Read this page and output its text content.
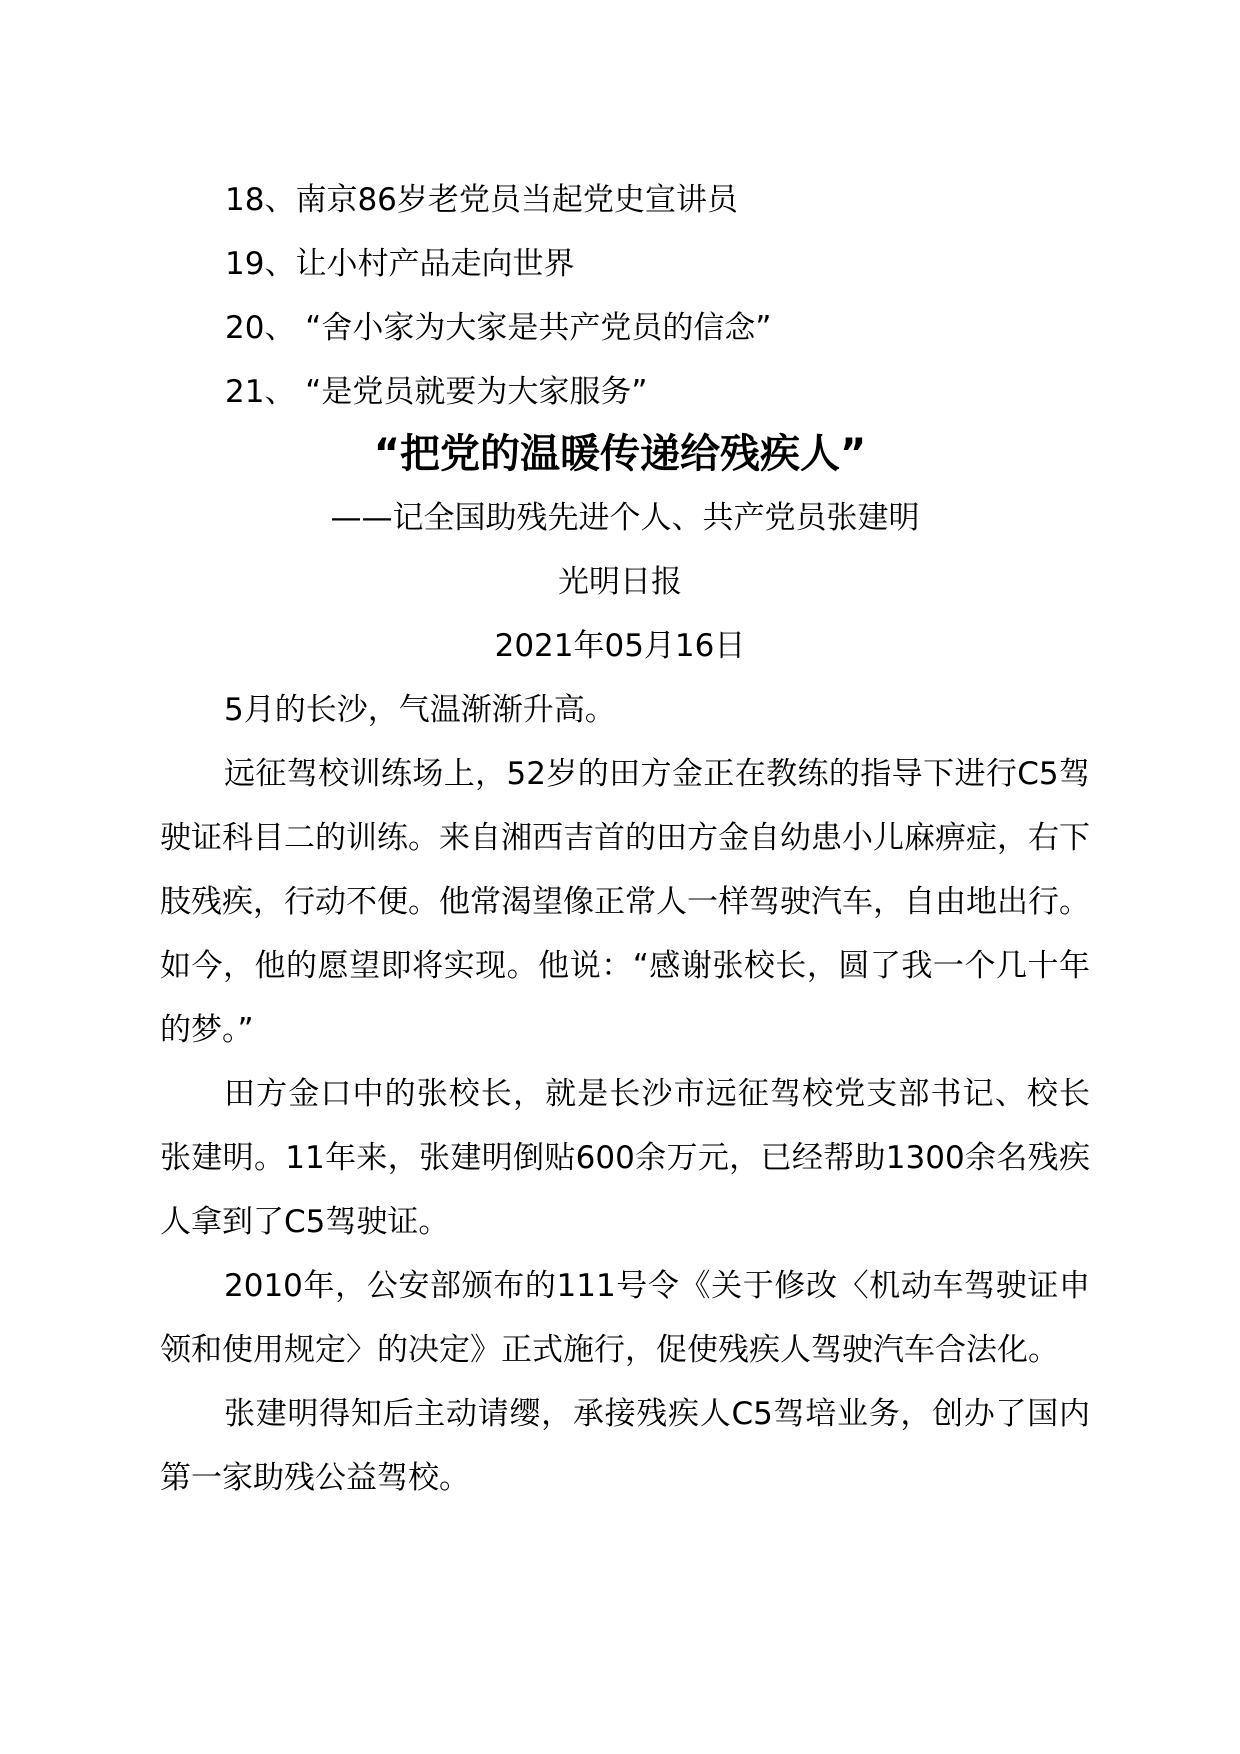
18、南京86岁老党员当起党史宣讲员
19、让小村产品走向世界
20、 “舍小家为大家是共产党员的信念”
21、 “是党员就要为大家服务”
“把党的温暖传递给残疾人”
——记全国助残先进个人、共产党员张建明
光明日报
2021年05月16日

5月的长沙，气温渐渐升高。

远征驾校训练场上，52岁的田方金正在教练的指导下进行C5驾驶证科目二的训练。来自湘西吉首的田方金自幼患小儿麻痹症，右下肢残疾，行动不便。他常渴望像正常人一样驾驶汽车，自由地出行。如今，他的愿望即将实现。他说：“感谢张校长，圆了我一个几十年的梦。”

田方金口中的张校长，就是长沙市远征驾校党支部书记、校长张建明。11年来，张建明倒贴600余万元，已经帮助1300余名残疾人拿到了C5驾驶证。

2010年，公安部颁布的111号令《关于修改〈机动车驾驶证申领和使用规定〉的决定》正式施行，促使残疾人驾驶汽车合法化。

张建明得知后主动请缨，承接残疾人C5驾培业务，创办了国内第一家助残公益驾校。
